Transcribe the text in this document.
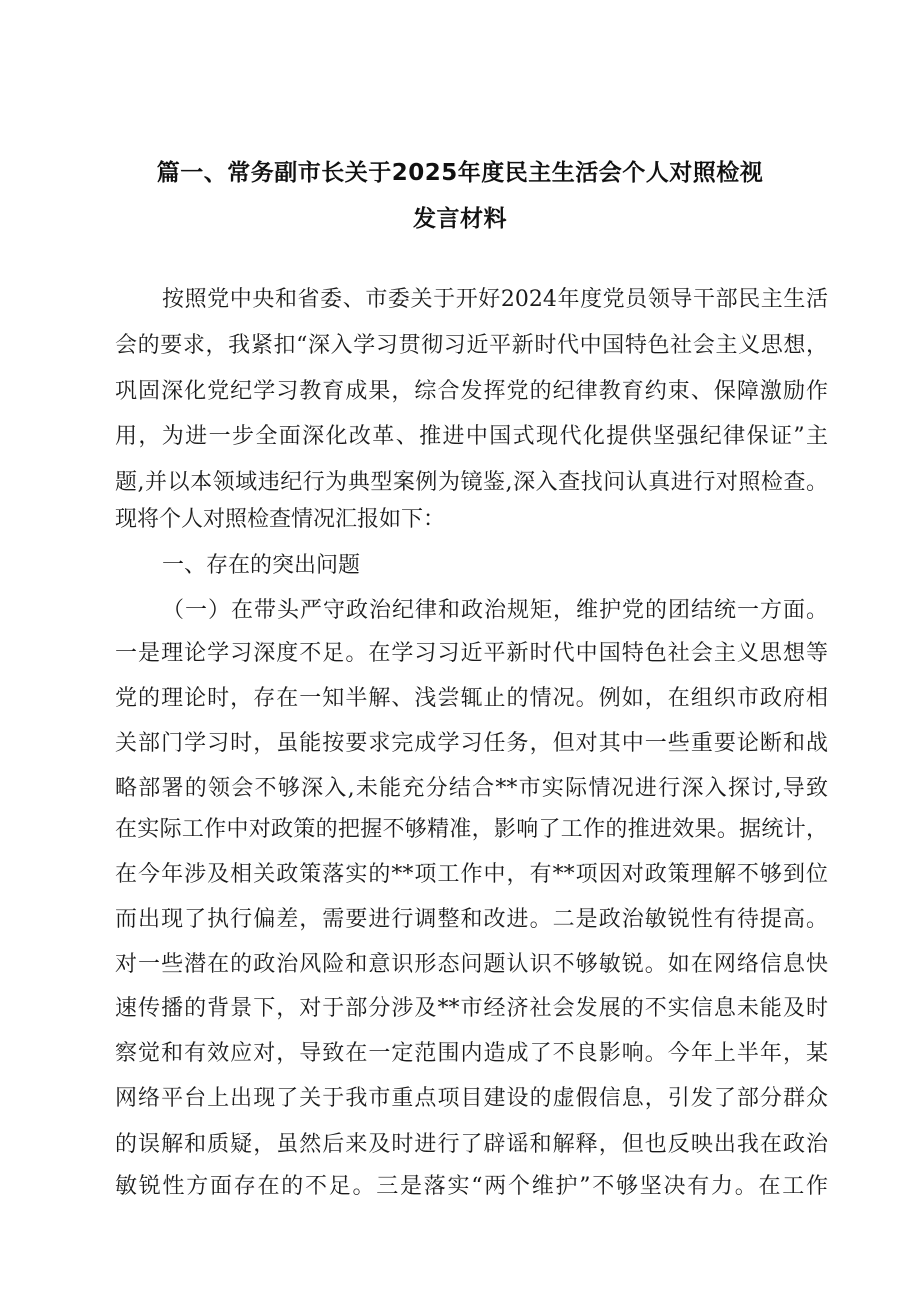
篇一、常务副市长关于2025年度民主生活会个人对照检视
发言材料
按照党中央和省委、市委关于开好2024年度党员领导干部民主生活
会的要求，我紧扣“深入学习贯彻习近平新时代中国特色社会主义思想，
巩固深化党纪学习教育成果，综合发挥党的纪律教育约束、保障激励作
用，为进一步全面深化改革、推进中国式现代化提供坚强纪律保证”主
题,并以本领域违纪行为典型案例为镜鉴,深入查找问认真进行对照检查。
现将个人对照检查情况汇报如下：
一、存在的突出问题
（一）在带头严守政治纪律和政治规矩，维护党的团结统一方面。
一是理论学习深度不足。在学习习近平新时代中国特色社会主义思想等
党的理论时，存在一知半解、浅尝辄止的情况。例如，在组织市政府相
关部门学习时，虽能按要求完成学习任务，但对其中一些重要论断和战
略部署的领会不够深入,未能充分结合**市实际情况进行深入探讨,导致
在实际工作中对政策的把握不够精准，影响了工作的推进效果。据统计，
在今年涉及相关政策落实的**项工作中，有**项因对政策理解不够到位
而出现了执行偏差，需要进行调整和改进。二是政治敏锐性有待提高。
对一些潜在的政治风险和意识形态问题认识不够敏锐。如在网络信息快
速传播的背景下，对于部分涉及**市经济社会发展的不实信息未能及时
察觉和有效应对，导致在一定范围内造成了不良影响。今年上半年，某
网络平台上出现了关于我市重点项目建设的虚假信息，引发了部分群众
的误解和质疑，虽然后来及时进行了辟谣和解释，但也反映出我在政治
敏锐性方面存在的不足。三是落实“两个维护”不够坚决有力。在工作
